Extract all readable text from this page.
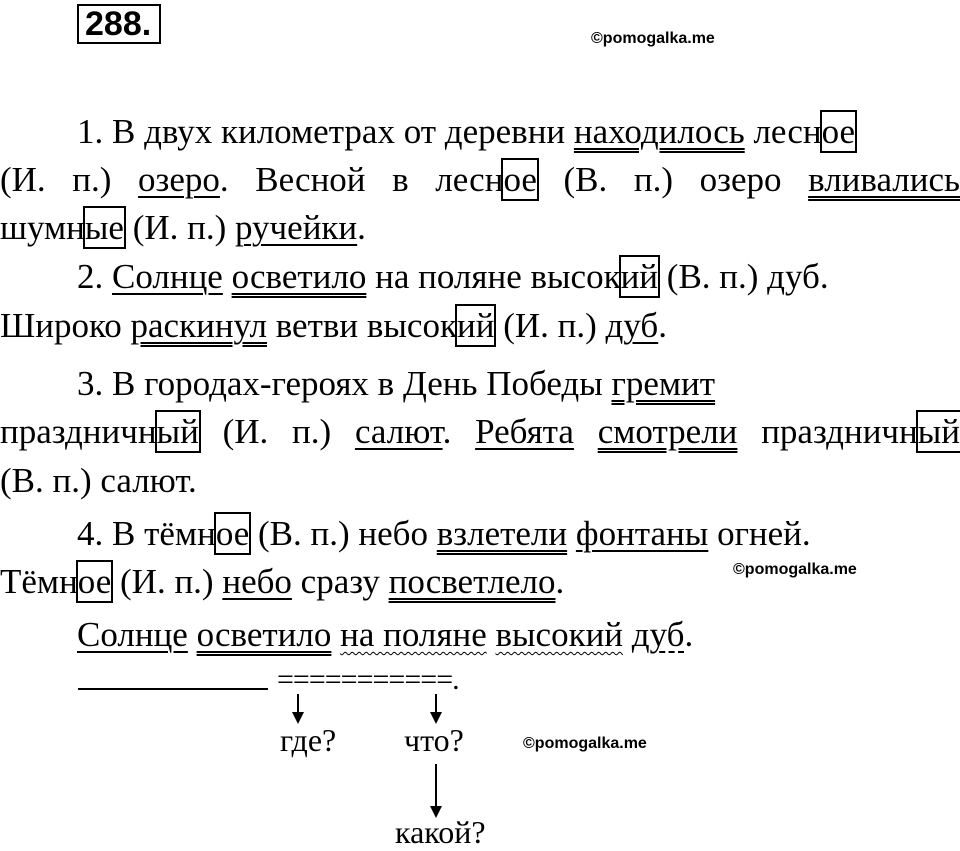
288.	©pomogalka.me
©pomogalka.me
©pomogalka.me
1. В двух километрах от деревни находилось лесное
(И. п.) озеро. Весной в лесное (В. п.) озеро вливались
шумные (И. п.) ручейки.
2. Солнце осветило на поляне высокий (В. п.) дуб.
Широко раскинул ветви высокий (И. п.) дуб.
3. В городах-героях в День Победы гремит
праздничный (И. п.) салют. Ребята смотрели праздничный
(В. п.) салют.
4. В тёмное (В. п.) небо взлетели фонтаны огней.
Тёмное (И. п.) небо сразу посветлело.
Солнце осветило на поляне высокий дуб.
===========.
где? что?
какой?
